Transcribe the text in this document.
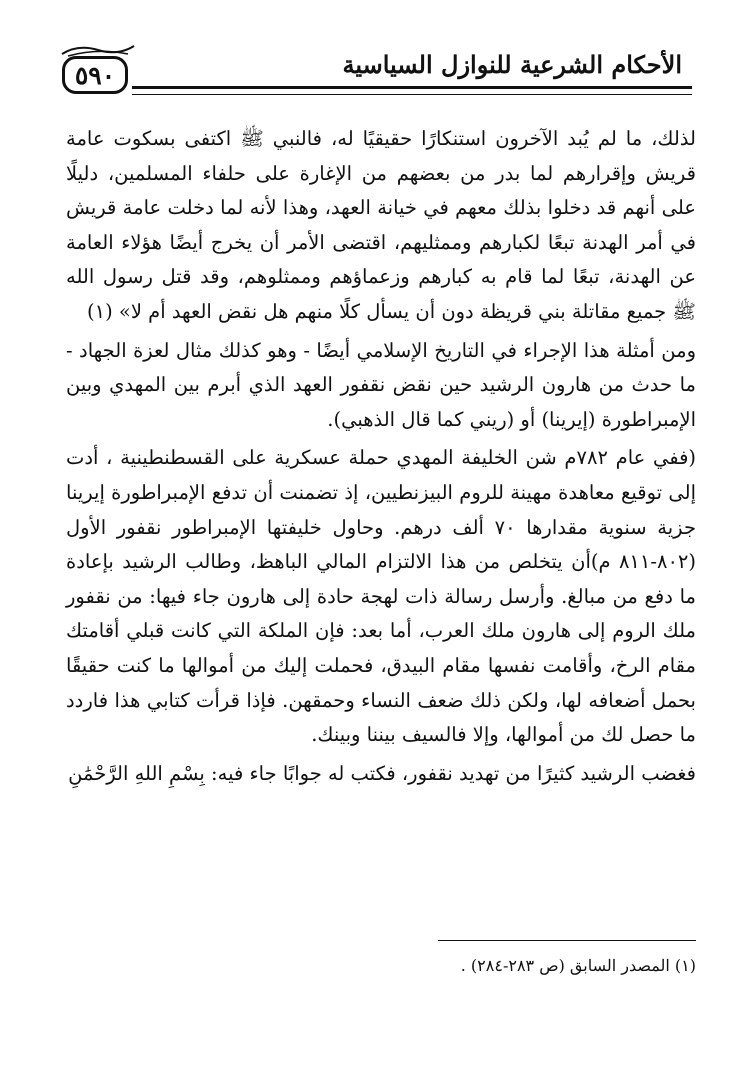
٥٩٠	الأحكام الشرعية للنوازل السياسية

لذلك، ما لم يُبد الآخرون استنكارًا حقيقيًا له، فالنبي ﷺ اكتفى بسكوت عامة قريش وإقرارهم لما بدر من بعضهم من الإغارة على حلفاء المسلمين، دليلًا على أنهم قد دخلوا بذلك معهم في خيانة العهد، وهذا لأنه لما دخلت عامة قريش في أمر الهدنة تبعًا لكبارهم وممثليهم، اقتضى الأمر أن يخرج أيضًا هؤلاء العامة عن الهدنة، تبعًا لما قام به كبارهم وزعماؤهم وممثلوهم، وقد قتل رسول الله ﷺ جميع مقاتلة بني قريظة دون أن يسأل كلًا منهم هل نقض العهد أم لا» (١)

ومن أمثلة هذا الإجراء في التاريخ الإسلامي أيضًا - وهو كذلك مثال لعزة الجهاد - ما حدث من هارون الرشيد حين نقض نقفور العهد الذي أبرم بين المهدي وبين الإمبراطورة (إيرينا) أو (ريني كما قال الذهبي).

(ففي عام ٧٨٢م شن الخليفة المهدي حملة عسكرية على القسطنطينية ، أدت إلى توقيع معاهدة مهينة للروم البيزنطيين، إذ تضمنت أن تدفع الإمبراطورة إيرينا جزية سنوية مقدارها ٧٠ ألف درهم. وحاول خليفتها الإمبراطور نقفور الأول (٨٠٢-٨١١ م)أن يتخلص من هذا الالتزام المالي الباهظ، وطالب الرشيد بإعادة ما دفع من مبالغ. وأرسل رسالة ذات لهجة حادة إلى هارون جاء فيها: من نقفور ملك الروم إلى هارون ملك العرب، أما بعد: فإن الملكة التي كانت قبلي أقامتك مقام الرخ، وأقامت نفسها مقام البيدق، فحملت إليك من أموالها ما كنت حقيقًا بحمل أضعافه لها، ولكن ذلك ضعف النساء وحمقهن. فإذا قرأت كتابي هذا فاردد ما حصل لك من أموالها، وإلا فالسيف بيننا وبينك.

فغضب الرشيد كثيرًا من تهديد نقفور، فكتب له جوابًا جاء فيه: بِسْمِ اللهِ الرَّحْمَٰنِ

(١) المصدر السابق (ص ٢٨٣-٢٨٤) .
